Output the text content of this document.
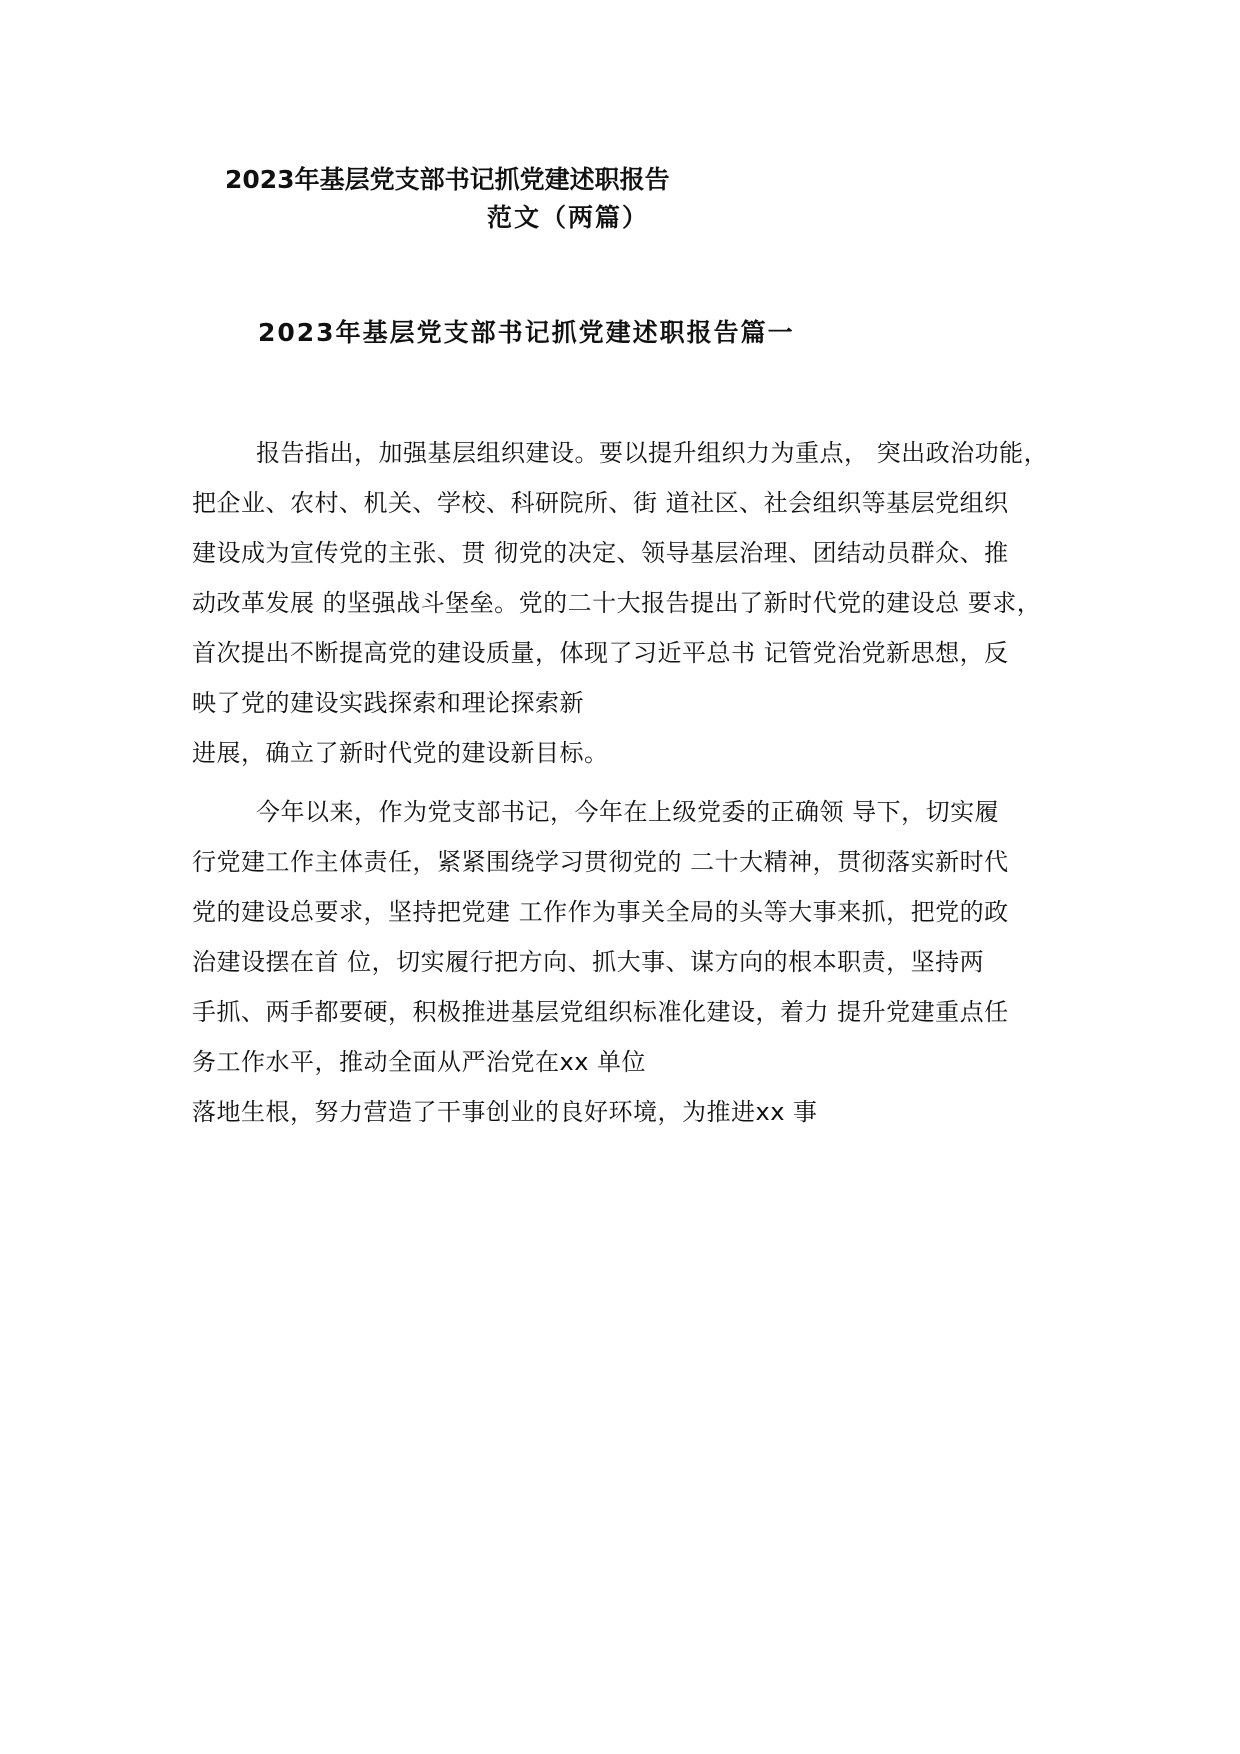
2023年基层党支部书记抓党建述职报告
范文（两篇）
2023年基层党支部书记抓党建述职报告篇一
报告指出，加强基层组织建设。要以提升组织力为重点， 突出政治功能，
把企业、农村、机关、学校、科研院所、街 道社区、社会组织等基层党组织
建设成为宣传党的主张、贯 彻党的决定、领导基层治理、团结动员群众、推
动改革发展 的坚强战斗堡垒。党的二十大报告提出了新时代党的建设总 要求，
首次提出不断提高党的建设质量，体现了习近平总书 记管党治党新思想，反
映了党的建设实践探索和理论探索新
进展，确立了新时代党的建设新目标。
今年以来，作为党支部书记，今年在上级党委的正确领 导下，切实履
行党建工作主体责任，紧紧围绕学习贯彻党的 二十大精神，贯彻落实新时代
党的建设总要求，坚持把党建 工作作为事关全局的头等大事来抓，把党的政
治建设摆在首 位，切实履行把方向、抓大事、谋方向的根本职责，坚持两
手抓、两手都要硬，积极推进基层党组织标准化建设，着力 提升党建重点任
务工作水平，推动全面从严治党在xx 单位
落地生根，努力营造了干事创业的良好环境，为推进xx 事
